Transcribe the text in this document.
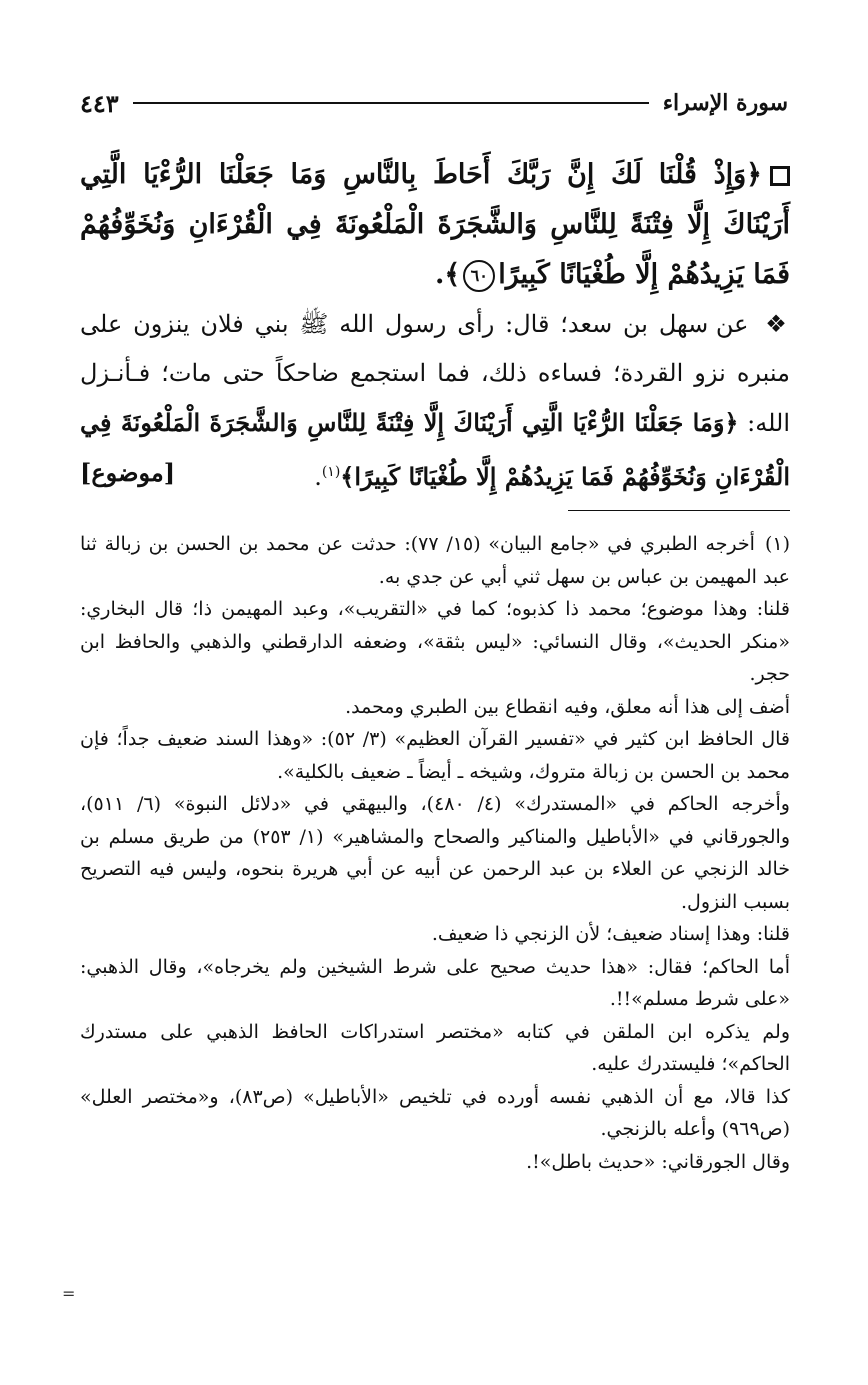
سورة الإسراء
٤٤٣
﴿وَإِذْ قُلْنَا لَكَ إِنَّ رَبَّكَ أَحَاطَ بِالنَّاسِ وَمَا جَعَلْنَا الرُّءْيَا الَّتِي أَرَيْنَاكَ إِلَّا فِتْنَةً لِلنَّاسِ وَالشَّجَرَةَ الْمَلْعُونَةَ فِي الْقُرْءَانِ وَنُخَوِّفُهُمْ فَمَا يَزِيدُهُمْ إِلَّا طُغْيَانًا كَبِيرًا٦٠﴾.
❖ عن سهل بن سعد؛ قال: رأى رسول الله ﷺ بني فلان ينزون على منبره نزو القردة؛ فساءه ذلك، فما استجمع ضاحكاً حتى مات؛ فـأنـزل الله: ﴿وَمَا جَعَلْنَا الرُّءْيَا الَّتِي أَرَيْنَاكَ إِلَّا فِتْنَةً لِلنَّاسِ وَالشَّجَرَةَ الْمَلْعُونَةَ فِي الْقُرْءَانِ وَنُخَوِّفُهُمْ فَمَا يَزِيدُهُمْ إِلَّا طُغْيَانًا كَبِيرًا﴾$^{(١)}$.
[موضوع]

(١)أخرجه الطبري في «جامع البيان» (١٥/ ٧٧): حدثت عن محمد بن الحسن بن زبالة ثنا عبد المهيمن بن عباس بن سهل ثني أبي عن جدي به.

قلنا: وهذا موضوع؛ محمد ذا كذبوه؛ كما في «التقريب»، وعبد المهيمن ذا؛ قال البخاري: «منكر الحديث»، وقال النسائي: «ليس بثقة»، وضعفه الدارقطني والذهبي والحافظ ابن حجر.

أضف إلى هذا أنه معلق، وفيه انقطاع بين الطبري ومحمد.

قال الحافظ ابن كثير في «تفسير القرآن العظيم» (٣/ ٥٢): «وهذا السند ضعيف جداً؛ فإن محمد بن الحسن بن زبالة متروك، وشيخه ـ أيضاً ـ ضعيف بالكلية».

وأخرجه الحاكم في «المستدرك» (٤/ ٤٨٠)، والبيهقي في «دلائل النبوة» (٦/ ٥١١)، والجورقاني في «الأباطيل والمناكير والصحاح والمشاهير» (١/ ٢٥٣) من طريق مسلم بن خالد الزنجي عن العلاء بن عبد الرحمن عن أبيه عن أبي هريرة بنحوه، وليس فيه التصريح بسبب النزول.

قلنا: وهذا إسناد ضعيف؛ لأن الزنجي ذا ضعيف.

أما الحاكم؛ فقال: «هذا حديث صحيح على شرط الشيخين ولم يخرجاه»، وقال الذهبي: «على شرط مسلم»!!.

ولم يذكره ابن الملقن في كتابه «مختصر استدراكات الحافظ الذهبي على مستدرك الحاكم»؛ فليستدرك عليه.

كذا قالا، مع أن الذهبي نفسه أورده في تلخيص «الأباطيل» (ص٨٣)، و«مختصر العلل» (ص٩٦٩) وأعله بالزنجي.

وقال الجورقاني: «حديث باطل»!.

=
